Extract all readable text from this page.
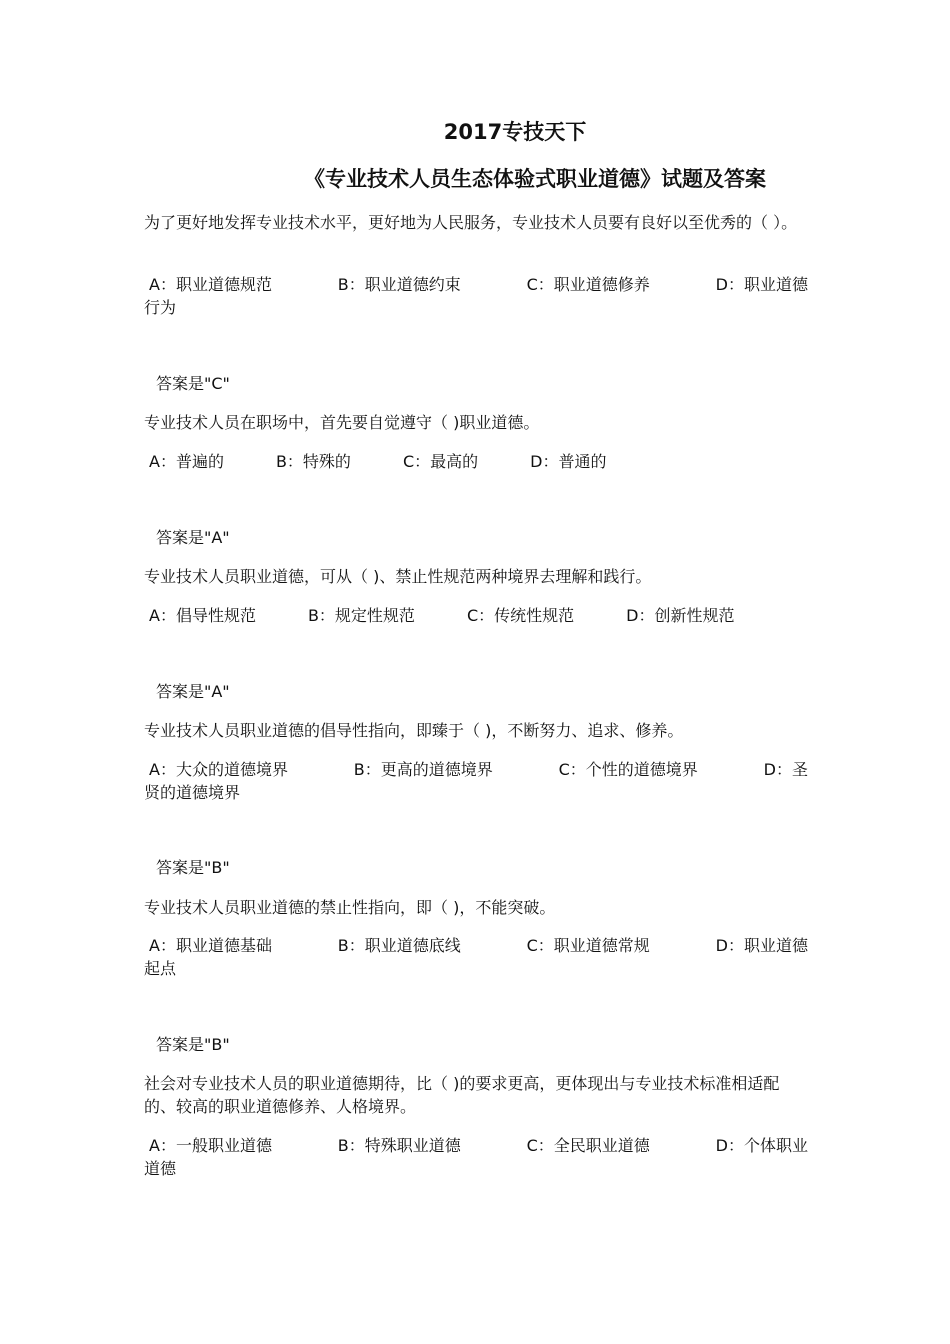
2017专技天下
《专业技术人员生态体验式职业道德》试题及答案
为了更好地发挥专业技术水平，更好地为人民服务，专业技术人员要有良好以至优秀的（ ）。
A：职业道德规范	B：职业道德约束	C：职业道德修养	D：职业道德
行为
答案是"C"
专业技术人员在职场中，首先要自觉遵守（ )职业道德。
A：普遍的	B：特殊的	C：最高的	D：普通的
答案是"A"
专业技术人员职业道德，可从（ )、禁止性规范两种境界去理解和践行。
A：倡导性规范	B：规定性规范	C：传统性规范	D：创新性规范
答案是"A"
专业技术人员职业道德的倡导性指向，即臻于（ )，不断努力、追求、修养。
A：大众的道德境界	B：更高的道德境界	C：个性的道德境界	D：圣
贤的道德境界
答案是"B"
专业技术人员职业道德的禁止性指向，即（ )，不能突破。
A：职业道德基础	B：职业道德底线	C：职业道德常规	D：职业道德
起点
答案是"B"
社会对专业技术人员的职业道德期待，比（ )的要求更高，更体现出与专业技术标准相适配的、较高的职业道德修养、人格境界。
A：一般职业道德	B：特殊职业道德	C：全民职业道德	D：个体职业
道德
